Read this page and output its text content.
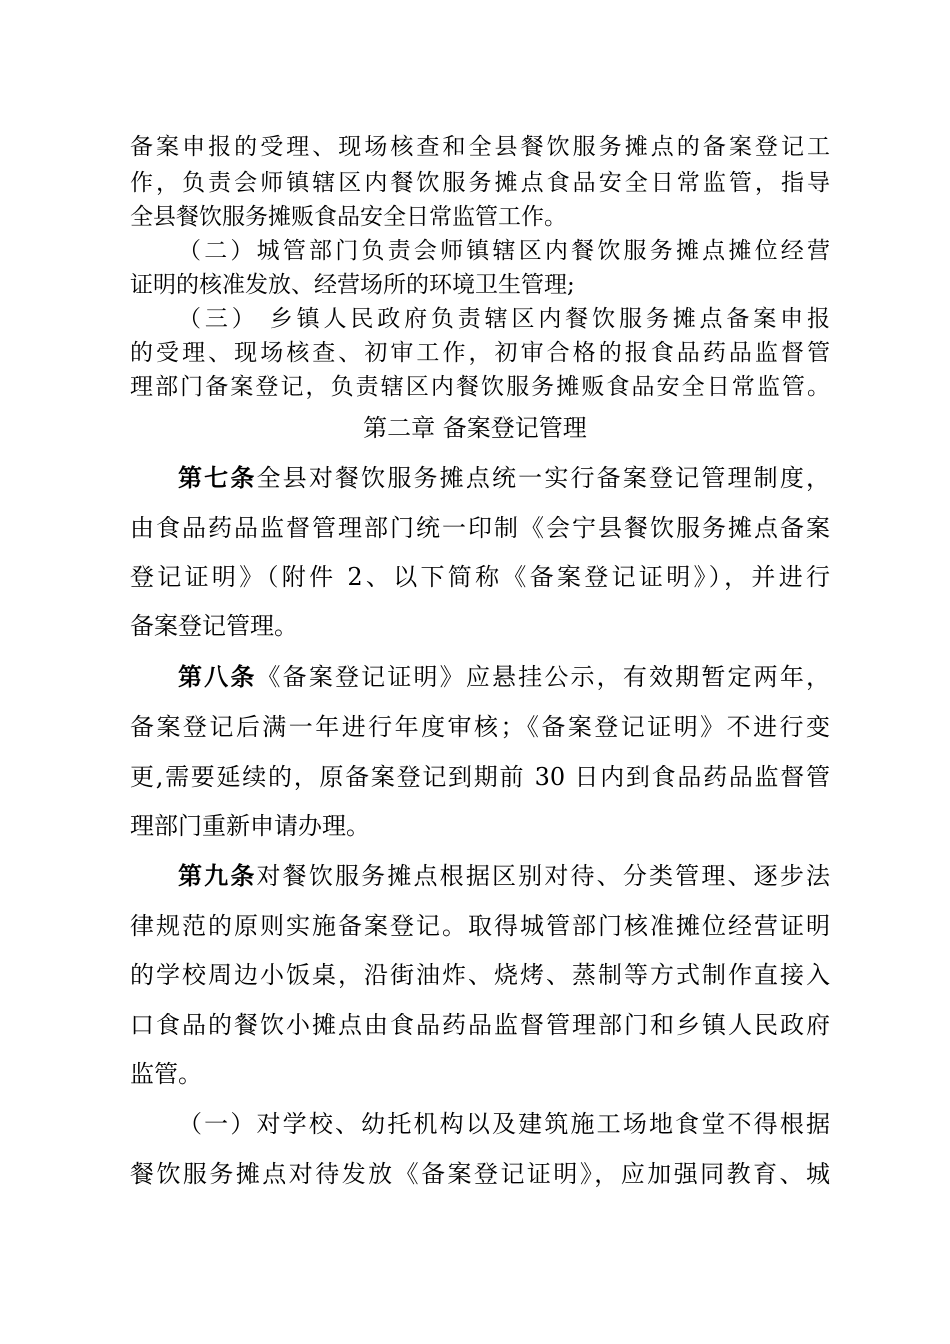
备案申报的受理、现场核查和全县餐饮服务摊点的备案登记工
作，负责会师镇辖区内餐饮服务摊点食品安全日常监管，指导
全县餐饮服务摊贩食品安全日常监管工作。
（二）城管部门负责会师镇辖区内餐饮服务摊点摊位经营
证明的核准发放、经营场所的环境卫生管理;
（三） 乡镇人民政府负责辖区内餐饮服务摊点备案申报
的受理、现场核查、初审工作，初审合格的报食品药品监督管
理部门备案登记，负责辖区内餐饮服务摊贩食品安全日常监管。
第二章 备案登记管理
第七条全县对餐饮服务摊点统一实行备案登记管理制度，
由食品药品监督管理部门统一印制《会宁县餐饮服务摊点备案
登记证明》（附件 2、以下简称《备案登记证明》），并进行
备案登记管理。
第八条《备案登记证明》应悬挂公示，有效期暂定两年，
备案登记后满一年进行年度审核；《备案登记证明》不进行变
更,需要延续的，原备案登记到期前 30 日内到食品药品监督管
理部门重新申请办理。
第九条对餐饮服务摊点根据区别对待、分类管理、逐步法
律规范的原则实施备案登记。取得城管部门核准摊位经营证明
的学校周边小饭桌，沿街油炸、烧烤、蒸制等方式制作直接入
口食品的餐饮小摊点由食品药品监督管理部门和乡镇人民政府
监管。
（一）对学校、幼托机构以及建筑施工场地食堂不得根据
餐饮服务摊点对待发放《备案登记证明》，应加强同教育、城
